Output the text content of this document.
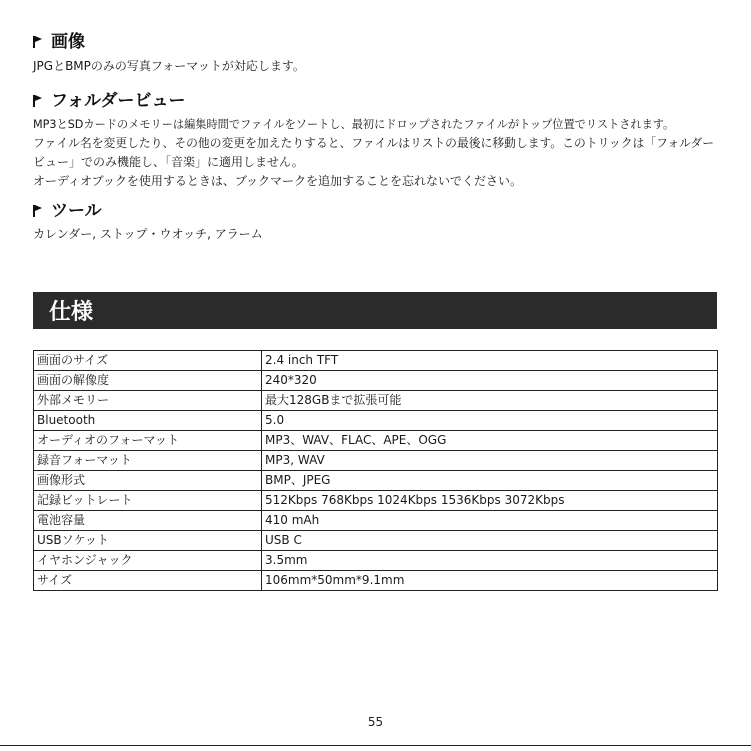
画像

JPGとBMPのみの写真フォーマットが対応します。

フォルダービュー

MP3とSDカードのメモリーは編集時間でファイルをソートし、最初にドロップされたファイルがトップ位置でリストされます。

ファイル名を変更したり、その他の変更を加えたりすると、ファイルはリストの最後に移動します。このトリックは「フォルダー

ビュー」でのみ機能し、「音楽」に適用しません。

オーディオブックを使用するときは、ブックマークを追加することを忘れないでください。

ツール

カレンダー, ストップ・ウオッチ, アラーム

仕様
画面のサイズ	2.4 inch TFT
画面の解像度	240*320
外部メモリー	最大128GBまで拡張可能
Bluetooth	5.0
オーディオのフォーマット	MP3、WAV、FLAC、APE、OGG
録音フォーマット	MP3, WAV
画像形式	BMP、JPEG
記録ビットレート	512Kbps 768Kbps 1024Kbps 1536Kbps 3072Kbps
電池容量	410 mAh
USBソケット	USB C
イヤホンジャック	3.5mm
サイズ	106mm*50mm*9.1mm
55
